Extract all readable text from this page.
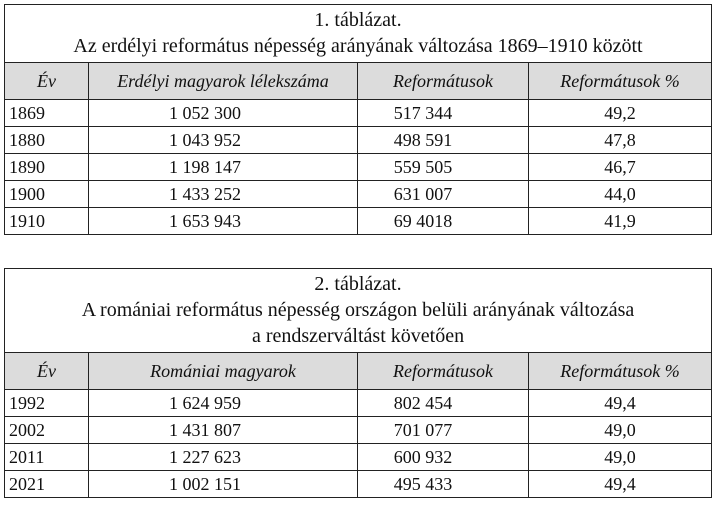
1. táblázat.
Az erdélyi református népesség arányának változása 1869–1910 között			

Év	Erdélyi magyarok lélekszáma	Reformátusok	Reformátusok %
1869	1 052 300	517 344	49,2
1880	1 043 952	498 591	47,8
1890	1 198 147	559 505	46,7
1900	1 433 252	631 007	44,0
1910	1 653 943	69 4018	41,9
2. táblázat.
A romániai református népesség országon belüli arányának változása
a rendszerváltást követően			

Év	Romániai magyarok	Reformátusok	Reformátusok %
1992	1 624 959	802 454	49,4
2002	1 431 807	701 077	49,0
2011	1 227 623	600 932	49,0
2021	1 002 151	495 433	49,4
